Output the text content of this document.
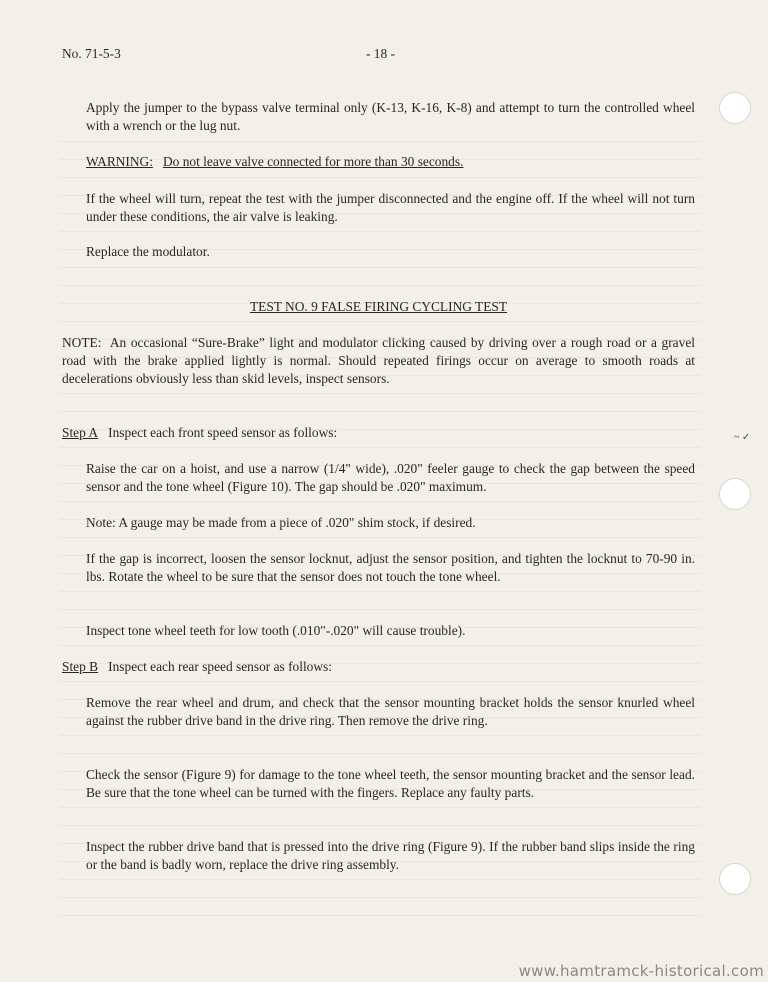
~ ✓
No. 71-5-3	- 18 -

Apply the jumper to the bypass valve terminal only (K-13, K-16, K-8) and attempt to turn the controlled wheel with a wrench or the lug nut.

WARNING: Do not leave valve connected for more than 30 seconds.

If the wheel will turn, repeat the test with the jumper disconnected and the engine off. If the wheel will not turn under these conditions, the air valve is leaking.

Replace the modulator.

TEST NO. 9 FALSE FIRING CYCLING TEST
NOTE: An occasional “Sure-Brake” light and modulator clicking caused by driving over a rough road or a gravel road with the brake applied lightly is normal. Should repeated firings occur on average to smooth roads at decelerations obviously less than skid levels, inspect sensors.
Step A Inspect each front speed sensor as follows:

Raise the car on a hoist, and use a narrow (1/4" wide), .020" feeler gauge to check the gap between the speed sensor and the tone wheel (Figure 10). The gap should be .020" maximum.

Note: A gauge may be made from a piece of .020" shim stock, if desired.

If the gap is incorrect, loosen the sensor locknut, adjust the sensor position, and tighten the locknut to 70-90 in. lbs. Rotate the wheel to be sure that the sensor does not touch the tone wheel.

Inspect tone wheel teeth for low tooth (.010"-.020" will cause trouble).

Step B Inspect each rear speed sensor as follows:

Remove the rear wheel and drum, and check that the sensor mounting bracket holds the sensor knurled wheel against the rubber drive band in the drive ring. Then remove the drive ring.

Check the sensor (Figure 9) for damage to the tone wheel teeth, the sensor mounting bracket and the sensor lead. Be sure that the tone wheel can be turned with the fingers. Replace any faulty parts.

Inspect the rubber drive band that is pressed into the drive ring (Figure 9). If the rubber band slips inside the ring or the band is badly worn, replace the drive ring assembly.

www.hamtramck-historical.com
